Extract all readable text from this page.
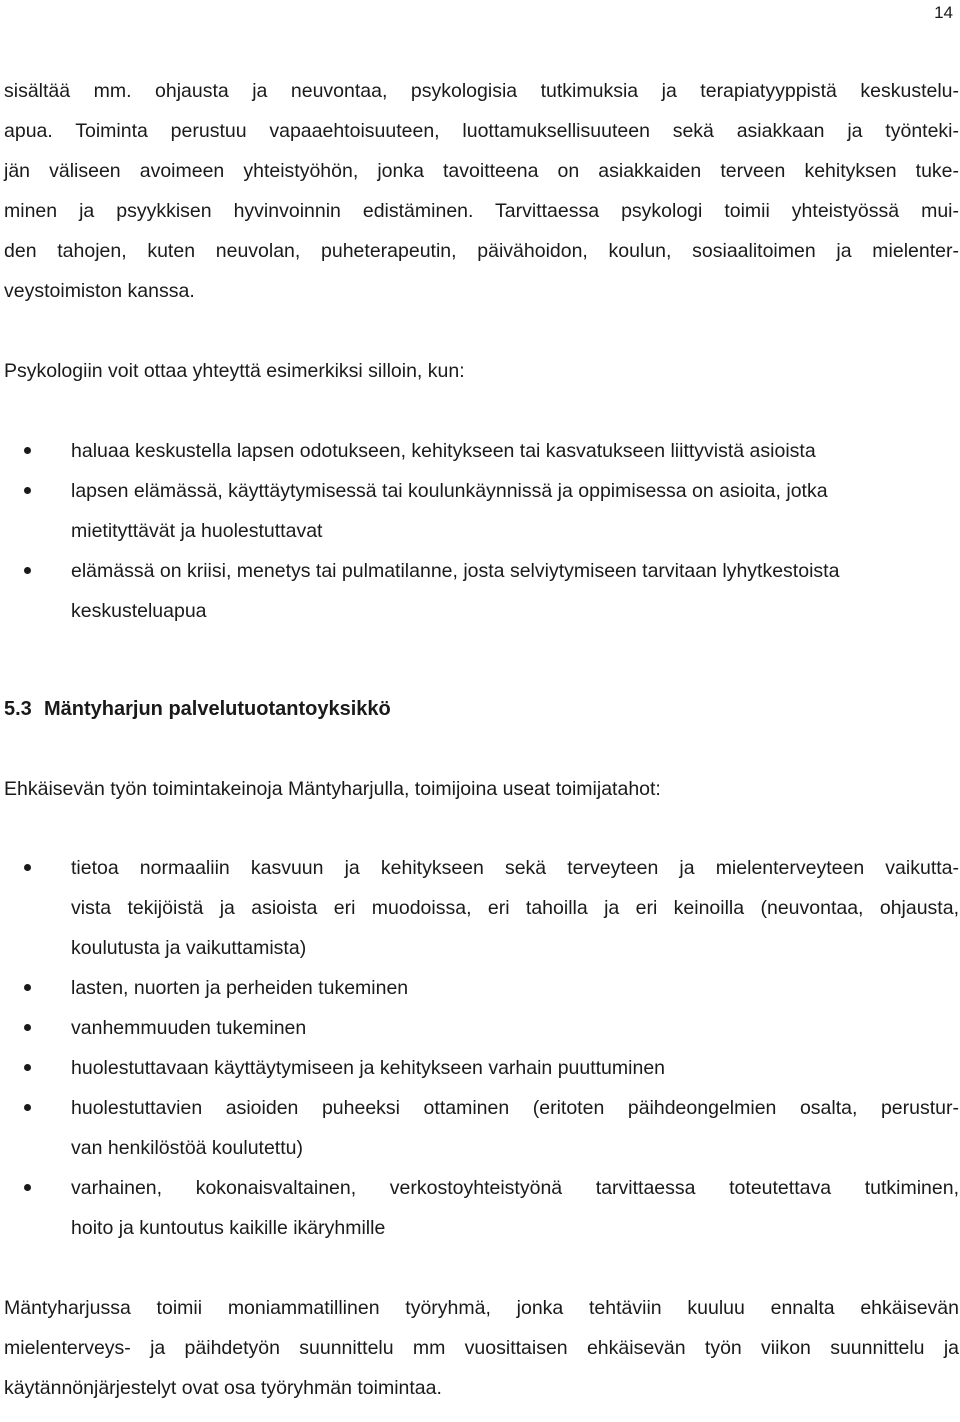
14
sisältää mm. ohjausta ja neuvontaa, psykologisia tutkimuksia ja terapiatyyppistä keskustelu-
apua. Toiminta perustuu vapaaehtoisuuteen, luottamuksellisuuteen sekä asiakkaan ja työnteki-
jän väliseen avoimeen yhteistyöhön, jonka tavoitteena on asiakkaiden terveen kehityksen tuke-
minen ja psyykkisen hyvinvoinnin edistäminen. Tarvittaessa psykologi toimii yhteistyössä mui-
den tahojen, kuten neuvolan, puheterapeutin, päivähoidon, koulun, sosiaalitoimen ja mielenter-
veystoimiston kanssa.
Psykologiin voit ottaa yhteyttä esimerkiksi silloin, kun:
haluaa keskustella lapsen odotukseen, kehitykseen tai kasvatukseen liittyvistä asioista
lapsen elämässä, käyttäytymisessä tai koulunkäynnissä ja oppimisessa on asioita, jotka
mietityttävät ja huolestuttavat
elämässä on kriisi, menetys tai pulmatilanne, josta selviytymiseen tarvitaan lyhytkestoista
keskusteluapua
5.3 Mäntyharjun palvelutuotantoyksikkö
Ehkäisevän työn toimintakeinoja Mäntyharjulla, toimijoina useat toimijatahot:
tietoa normaaliin kasvuun ja kehitykseen sekä terveyteen ja mielenterveyteen vaikutta-
vista tekijöistä ja asioista eri muodoissa, eri tahoilla ja eri keinoilla (neuvontaa, ohjausta,
koulutusta ja vaikuttamista)
lasten, nuorten ja perheiden tukeminen
vanhemmuuden tukeminen
huolestuttavaan käyttäytymiseen ja kehitykseen varhain puuttuminen
huolestuttavien asioiden puheeksi ottaminen (eritoten päihdeongelmien osalta, perustur-
van henkilöstöä koulutettu)
varhainen, kokonaisvaltainen, verkostoyhteistyönä tarvittaessa toteutettava tutkiminen,
hoito ja kuntoutus kaikille ikäryhmille
Mäntyharjussa toimii moniammatillinen työryhmä, jonka tehtäviin kuuluu ennalta ehkäisevän
mielenterveys- ja päihdetyön suunnittelu mm vuosittaisen ehkäisevän työn viikon suunnittelu ja
käytännönjärjestelyt ovat osa työryhmän toimintaa.
